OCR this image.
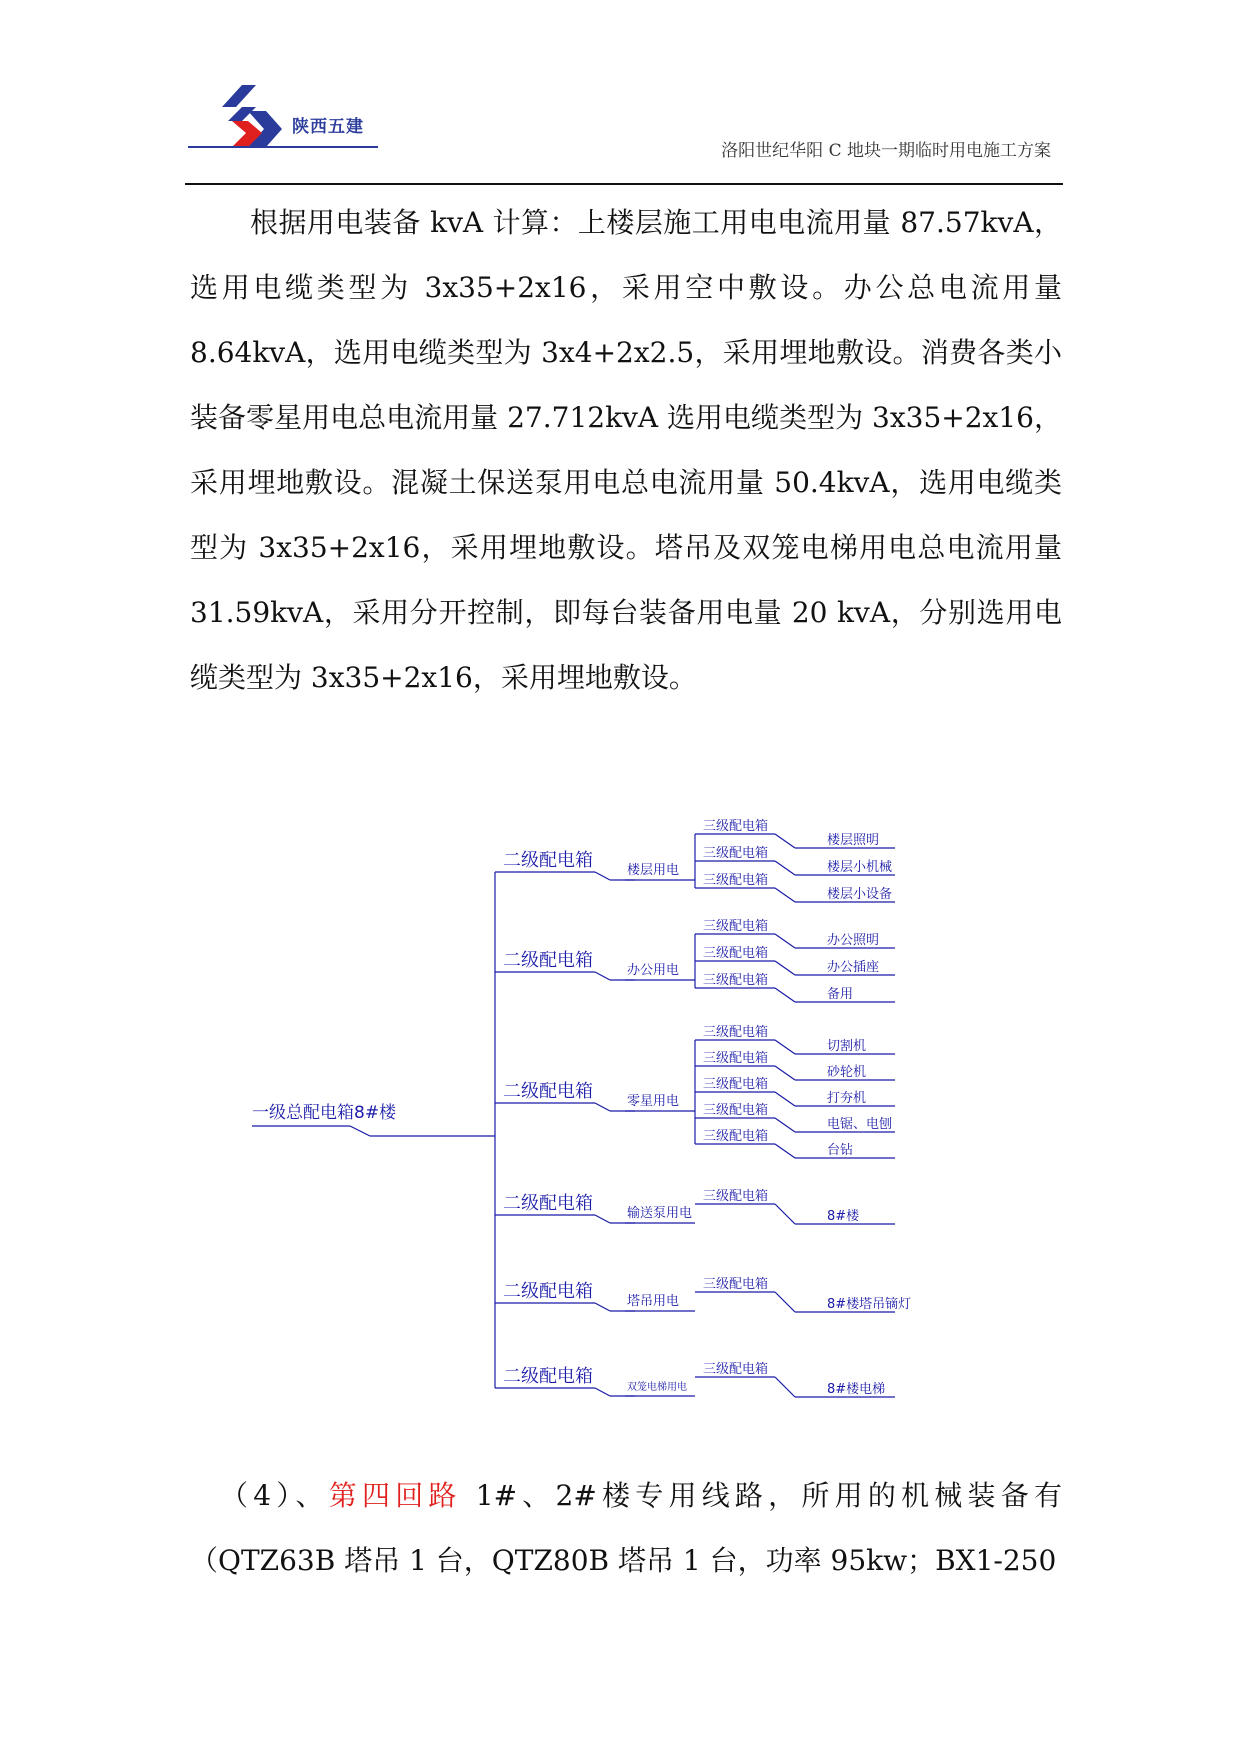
陕西五建
洛阳世纪华阳 C 地块一期临时用电施工方案

根据用电装备 kvA 计算：上楼层施工用电电流用量 87.57kvA，选用电缆类型为 3x35+2x16，采用空中敷设。办公总电流用量 8.64kvA，选用电缆类型为 3x4+2x2.5，采用埋地敷设。消费各类小装备零星用电总电流用量 27.712kvA 选用电缆类型为 3x35+2x16，采用埋地敷设。混凝土保送泵用电总电流用量 50.4kvA，选用电缆类型为 3x35+2x16，采用埋地敷设。塔吊及双笼电梯用电总电流用量 31.59kvA，采用分开控制，即每台装备用电量 20 kvA，分别选用电缆类型为 3x35+2x16，采用埋地敷设。

一级总配电箱8#楼
二级配电箱	楼层用电
三级配电箱
楼层照明
三级配电箱
楼层小机械
三级配电箱
楼层小设备
二级配电箱	办公用电
三级配电箱
办公照明
三级配电箱
办公插座
三级配电箱
备用
二级配电箱	零星用电
三级配电箱
切割机
三级配电箱
砂轮机
三级配电箱
打夯机
三级配电箱
电锯、电刨
三级配电箱
台钻
二级配电箱	输送泵用电
三级配电箱
8#楼
二级配电箱	塔吊用电
三级配电箱
8#楼塔吊镝灯
二级配电箱
双笼电梯用电
三级配电箱
8#楼电梯

（4）、第四回路 1#、2#楼专用线路，所用的机械装备有（QTZ63B 塔吊 1 台，QTZ80B 塔吊 1 台，功率 95kw；BX1-250
